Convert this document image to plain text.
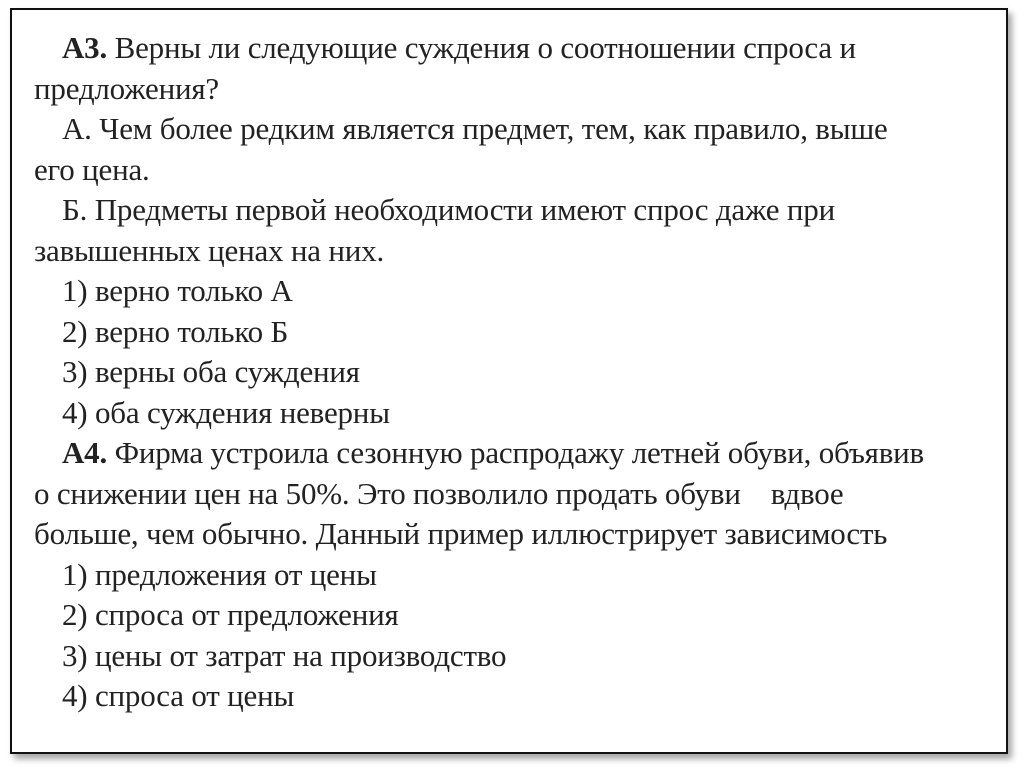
А3. Верны ли следующие суждения о соотношении спроса и
предложения?
А. Чем более редким является предмет, тем, как правило, выше
его цена.
Б. Предметы первой необходимости имеют спрос даже при
завышенных ценах на них.
1) верно только А
2) верно только Б
3) верны оба суждения
4) оба суждения неверны
А4. Фирма устроила сезонную распродажу летней обуви, объявив
о снижении цен на 50%. Это позволило продать обуви вдвое
больше, чем обычно. Данный пример иллюстрирует зависимость
1) предложения от цены
2) спроса от предложения
3) цены от затрат на производство
4) спроса от цены
